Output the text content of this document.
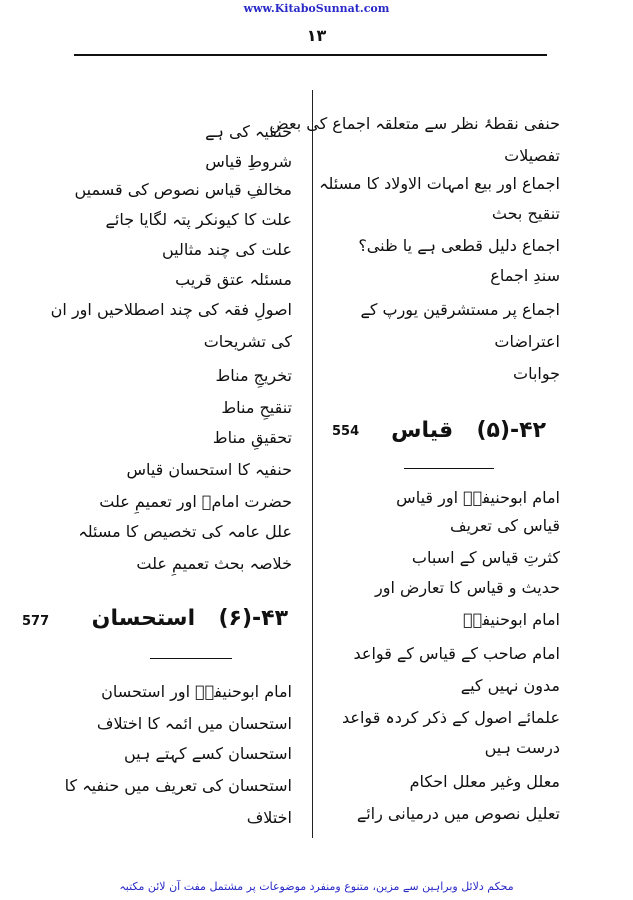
www.KitaboSunnat.com
۱۳
حنفی نقطۂ نظر سے متعلقہ اجماع کی بعض
تفصیلات
اجماع اور بیع امہات الاولاد کا مسئلہ
تنقیح بحث
اجماع دلیل قطعی ہے یا ظنی؟
سندِ اجماع
اجماع پر مستشرقین یورپ کے
اعتراضات
جوابات
امام ابوحنیفہؒ اور قیاس
قیاس کی تعریف
کثرتِ قیاس کے اسباب
حدیث و قیاس کا تعارض اور
امام ابوحنیفہؒ
امام صاحب کے قیاس کے قواعد
مدون نہیں کیے
علمائے اصول کے ذکر کردہ قواعد
درست ہیں
معلل وغیر معلل احکام
تعلیل نصوص میں درمیانی رائے
554	۴۲-(۵)  قیاس
حنفیہ کی ہے
شروطِ قیاس
مخالفِ قیاس نصوص کی قسمیں
علت کا کیونکر پتہ لگایا جائے
علت کی چند مثالیں
مسئلہ عتق قریب
اصولِ فقہ کی چند اصطلاحیں اور ان
کی تشریحات
تخریجِ مناط
تنقیحِ مناط
تحقیقِ مناط
حنفیہ کا استحسان قیاس
حضرت امامؒ اور تعمیمِ علت
علل عامہ کی تخصیص کا مسئلہ
خلاصہ بحث تعمیمِ علت
امام ابوحنیفہؒ اور استحسان
استحسان میں ائمہ کا اختلاف
استحسان کسے کہتے ہیں
استحسان کی تعریف میں حنفیہ کا
اختلاف
577	۴۳-(۶)  استحسان
محکم دلائل وبراہین سے مزین، متنوع ومنفرد موضوعات پر مشتمل مفت آن لائن مکتبہ
